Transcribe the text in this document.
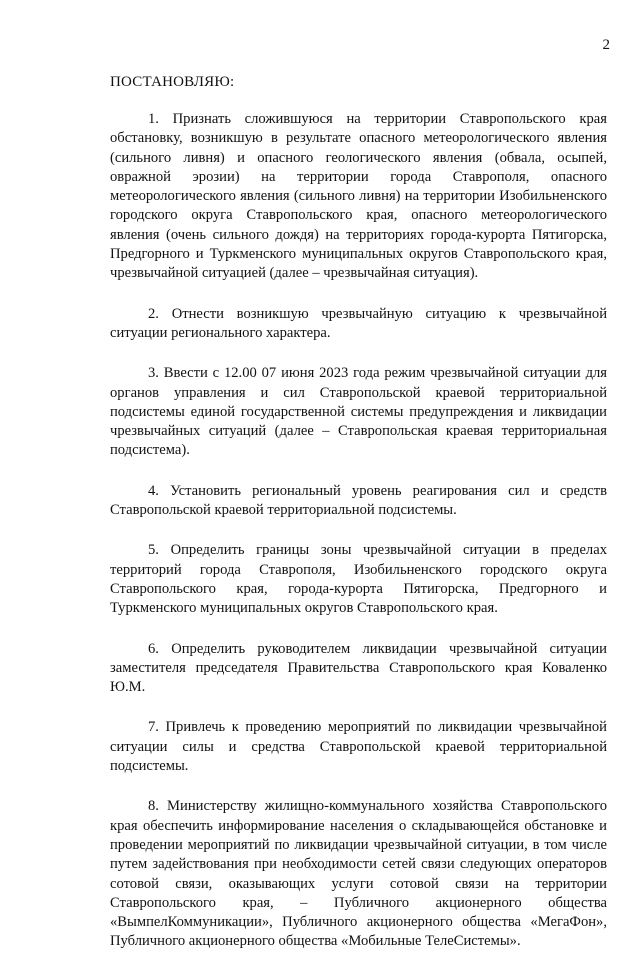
2
ПОСТАНОВЛЯЮ:

1. Признать сложившуюся на территории Ставропольского края обстановку, возникшую в результате опасного метеорологического явления (сильного ливня) и опасного геологического явления (обвала, осыпей, овражной эрозии) на территории города Ставрополя, опасного метеорологического явления (сильного ливня) на территории Изобильненского городского округа Ставропольского края, опасного метеорологического явления (очень сильного дождя) на территориях города-курорта Пятигорска, Предгорного и Туркменского муниципальных округов Ставропольского края, чрезвычайной ситуацией (далее – чрезвычайная ситуация).

2. Отнести возникшую чрезвычайную ситуацию к чрезвычайной ситуации регионального характера.

3. Ввести с 12.00 07 июня 2023 года режим чрезвычайной ситуации для органов управления и сил Ставропольской краевой территориальной подсистемы единой государственной системы предупреждения и ликвидации чрезвычайных ситуаций (далее – Ставропольская краевая территориальная подсистема).

4. Установить региональный уровень реагирования сил и средств Ставропольской краевой территориальной подсистемы.

5. Определить границы зоны чрезвычайной ситуации в пределах территорий города Ставрополя, Изобильненского городского округа Ставропольского края, города-курорта Пятигорска, Предгорного и Туркменского муниципальных округов Ставропольского края.

6. Определить руководителем ликвидации чрезвычайной ситуации заместителя председателя Правительства Ставропольского края Коваленко Ю.М.

7. Привлечь к проведению мероприятий по ликвидации чрезвычайной ситуации силы и средства Ставропольской краевой территориальной подсистемы.

8. Министерству жилищно-коммунального хозяйства Ставропольского края обеспечить информирование населения о складывающейся обстановке и проведении мероприятий по ликвидации чрезвычайной ситуации, в том числе путем задействования при необходимости сетей связи следующих операторов сотовой связи, оказывающих услуги сотовой связи на территории Ставропольского края, – Публичного акционерного общества «ВымпелКоммуникации», Публичного акционерного общества «МегаФон», Публичного акционерного общества «Мобильные ТелеСистемы».
